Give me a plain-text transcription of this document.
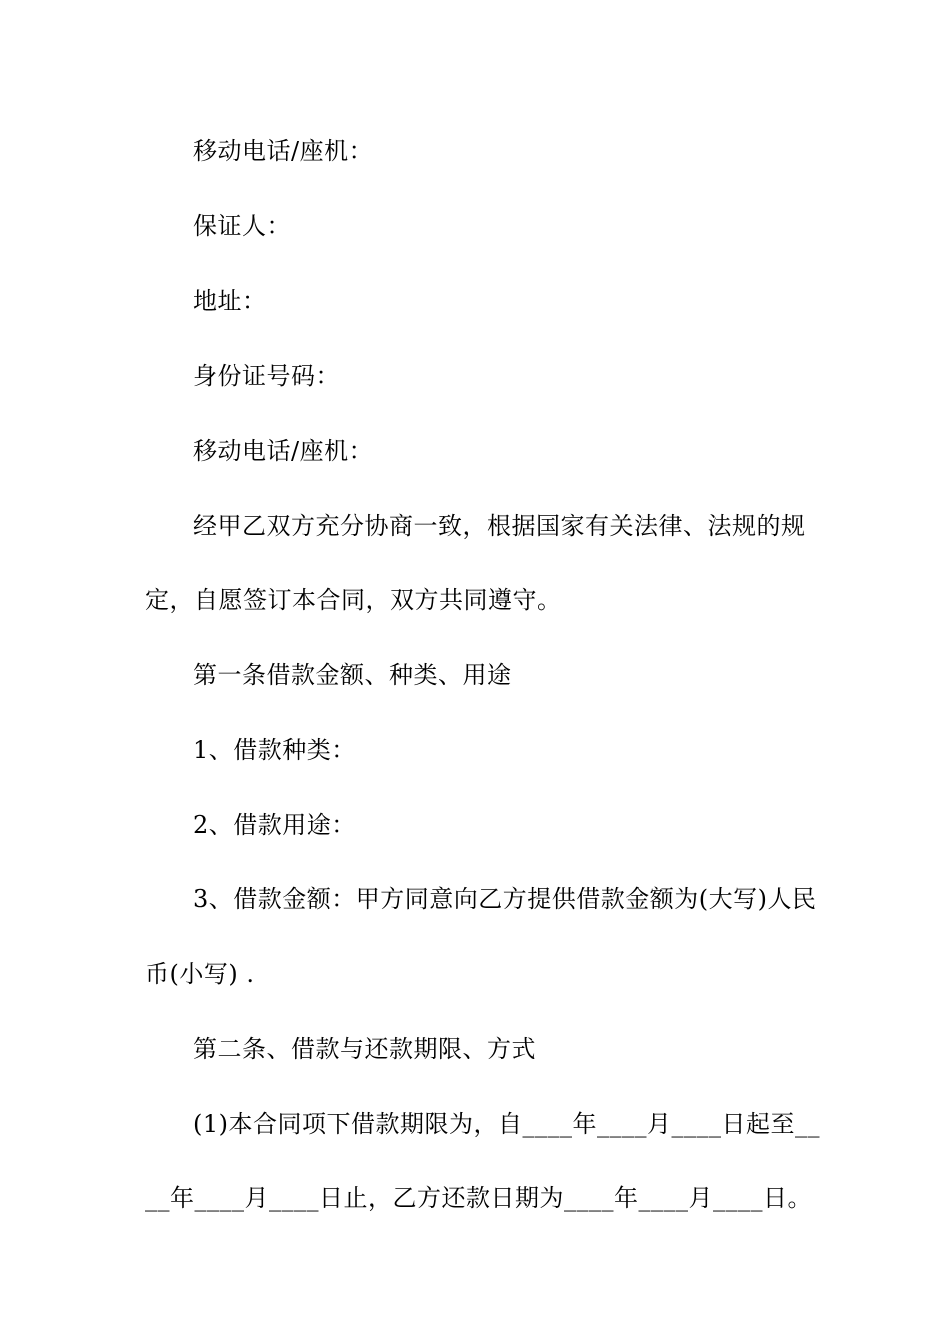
移动电话/座机：
保证人：
地址：
身份证号码：
移动电话/座机：
经甲乙双方充分协商一致，根据国家有关法律、法规的规
定，自愿签订本合同，双方共同遵守。
第一条借款金额、种类、用途
1、借款种类：
2、借款用途：
3、借款金额：甲方同意向乙方提供借款金额为(大写)人民
币(小写) .
第二条、借款与还款期限、方式
(1)本合同项下借款期限为，自____年____月____日起至__
__年____月____日止，乙方还款日期为____年____月____日。
